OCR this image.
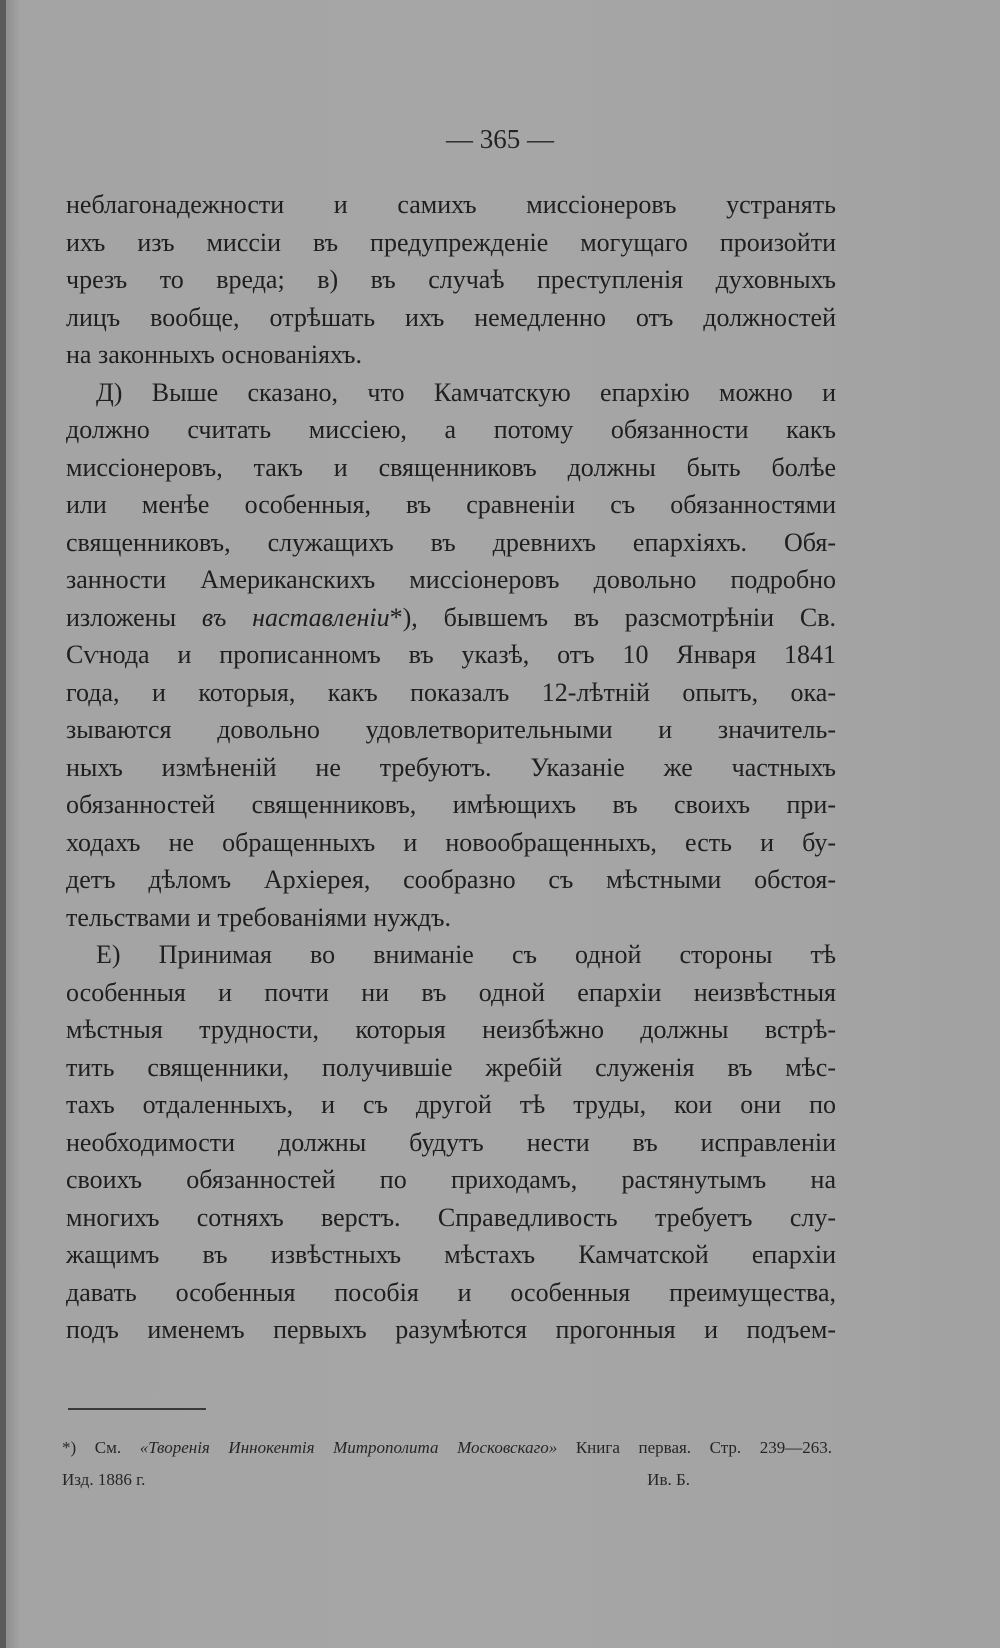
— 365 —
неблагонадежности и самихъ миссіонеровъ устранять
ихъ изъ миссіи въ предупрежденіе могущаго произойти
чрезъ то вреда; в) въ случаѣ преступленія духовныхъ
лицъ вообще, отрѣшать ихъ немедленно отъ должностей
на законныхъ основаніяхъ.
Д) Выше сказано, что Камчатскую епархію можно и
должно считать миссіею, а потому обязанности какъ
миссіонеровъ, такъ и священниковъ должны быть болѣе
или менѣе особенныя, въ сравненіи съ обязанностями
священниковъ, служащихъ въ древнихъ епархіяхъ. Обя-
занности Американскихъ миссіонеровъ довольно подробно
изложены въ наставленіи*), бывшемъ въ разсмотрѣніи Св.
Сѵнода и прописанномъ въ указѣ, отъ 10 Января 1841
года, и которыя, какъ показалъ 12-лѣтній опытъ, ока-
зываются довольно удовлетворительными и значитель-
ныхъ измѣненій не требуютъ. Указаніе же частныхъ
обязанностей священниковъ, имѣющихъ въ своихъ при-
ходахъ не обращенныхъ и новообращенныхъ, есть и бу-
детъ дѣломъ Архіерея, сообразно съ мѣстными обстоя-
тельствами и требованіями нуждъ.
Е) Принимая во вниманіе съ одной стороны тѣ
особенныя и почти ни въ одной епархіи неизвѣстныя
мѣстныя трудности, которыя неизбѣжно должны встрѣ-
тить священники, получившіе жребій служенія въ мѣс-
тахъ отдаленныхъ, и съ другой тѣ труды, кои они по
необходимости должны будутъ нести въ исправленіи
своихъ обязанностей по приходамъ, растянутымъ на
многихъ сотняхъ верстъ. Справедливость требуетъ слу-
жащимъ въ извѣстныхъ мѣстахъ Камчатской епархіи
давать особенныя пособія и особенныя преимущества,
подъ именемъ первыхъ разумѣются прогонныя и подъем-
*) См. «Творенія Иннокентія Митрополита Московскаго» Книга первая. Стр. 239—263.
Изд. 1886 г.	Ив. Б.
